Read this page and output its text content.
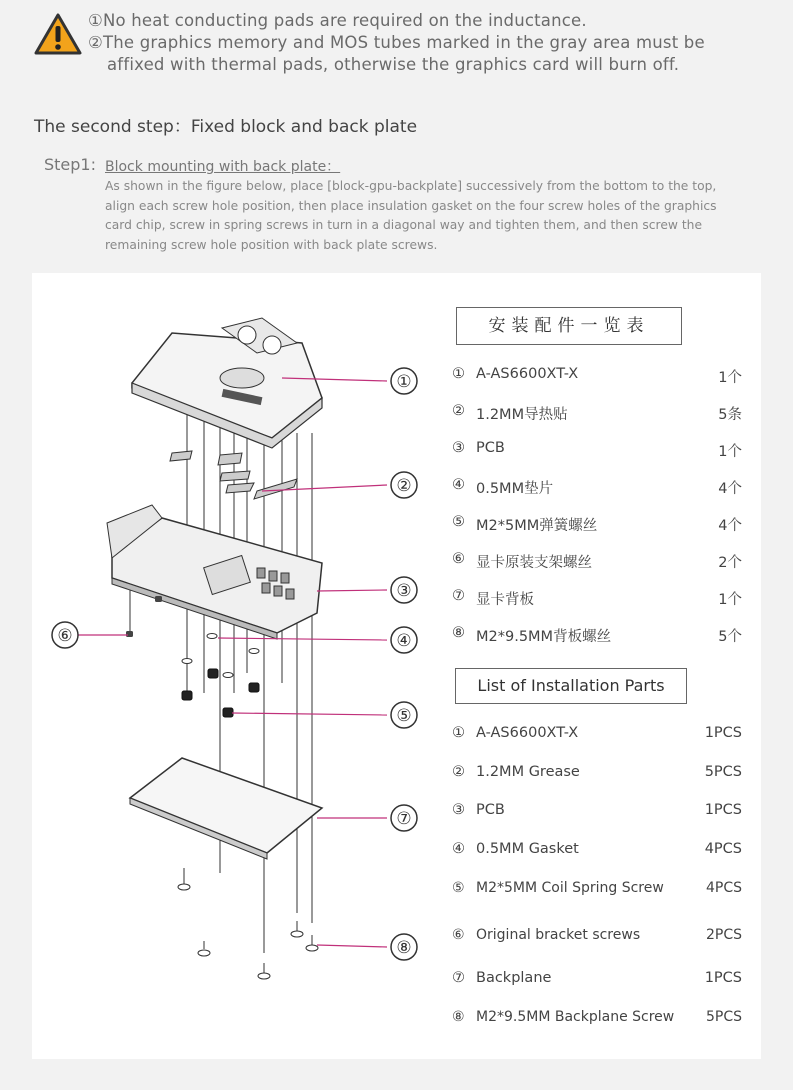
①No heat conducting pads are required on the inductance.
②The graphics memory and MOS tubes marked in the gray area must be
affixed with thermal pads, otherwise the graphics card will burn off.
The second step：Fixed block and back plate
Step1: Block mounting with back plate：
As shown in the figure below, place [block-gpu-backplate] successively from the bottom to the top, align each screw hole position, then place insulation gasket on the four screw holes of the graphics card chip, screw in spring screws in turn in a diagonal way and tighten them, and then screw the remaining screw hole position with back plate screws.
①
②
③
④
⑤
⑥
⑦
⑧
安装配件一览表
① A-AS6600XT-X	1个
② 1.2MM导热贴	5条
③ PCB	1个
④ 0.5MM垫片	4个
⑤ M2*5MM弹簧螺丝	4个
⑥ 显卡原装支架螺丝	2个
⑦ 显卡背板	1个
⑧ M2*9.5MM背板螺丝	5个
List of Installation Parts
① A-AS6600XT-X	1PCS
② 1.2MM Grease	5PCS
③ PCB	1PCS
④ 0.5MM Gasket	4PCS
⑤ M2*5MM Coil Spring Screw	4PCS
⑥ Original bracket screws	2PCS
⑦ Backplane	1PCS
⑧ M2*9.5MM Backplane Screw 5PCS
